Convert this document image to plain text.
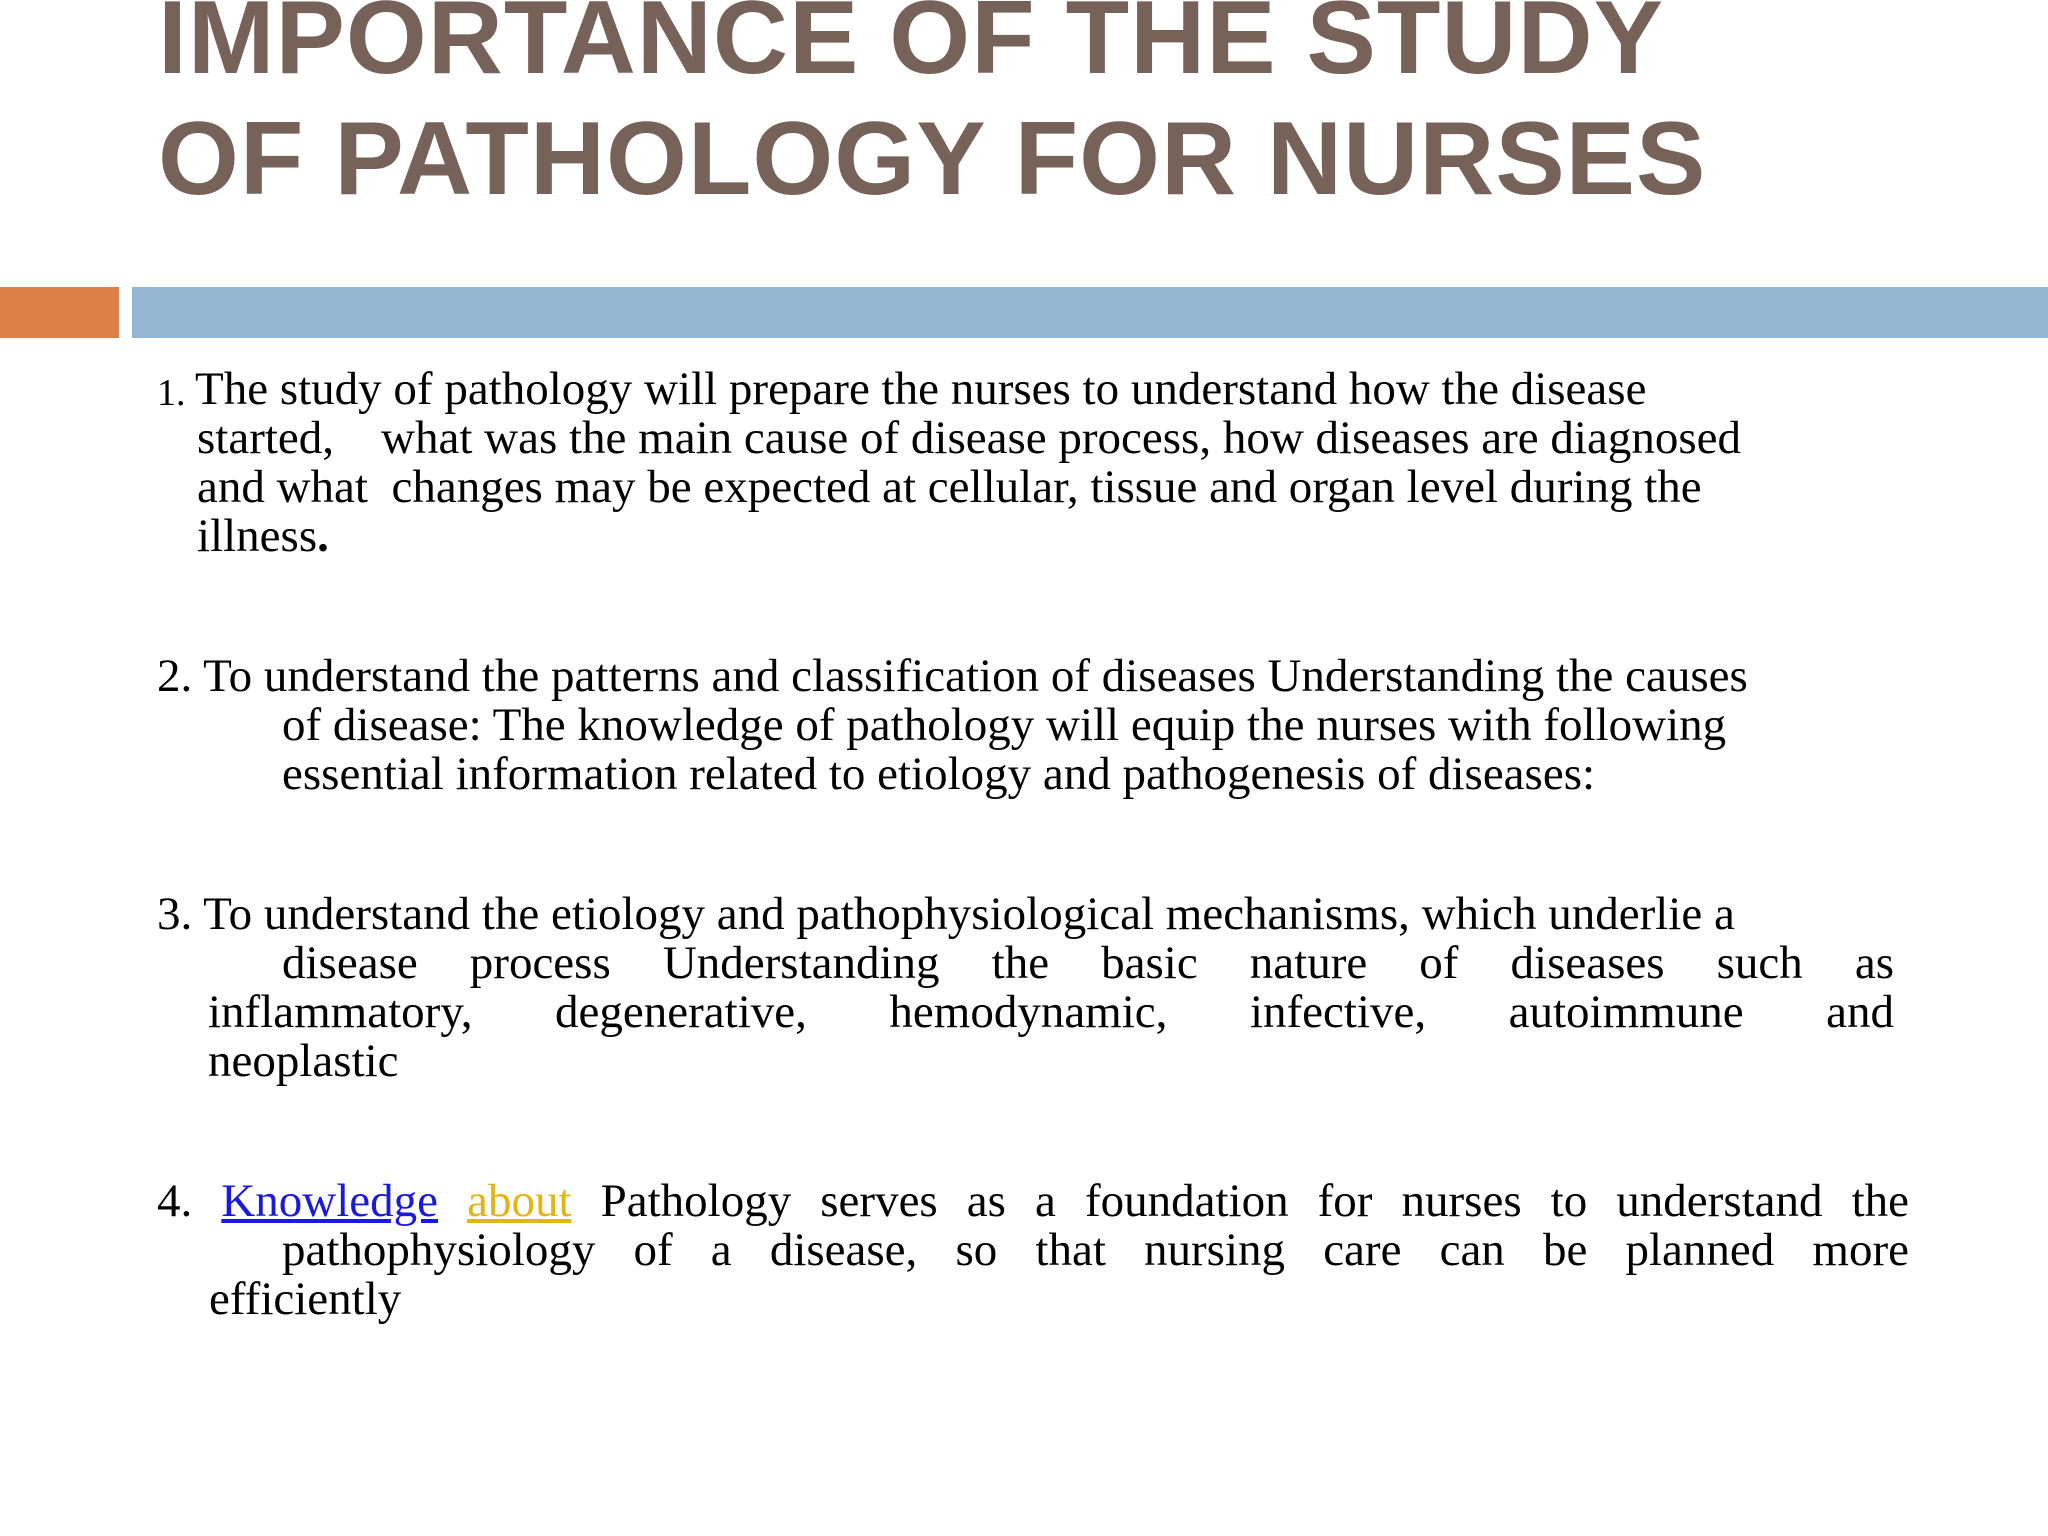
IMPORTANCE OF THE STUDY
OF PATHOLOGY FOR NURSES
1. The study of pathology will prepare the nurses to understand how the disease
started,    what was the main cause of disease process, how diseases are diagnosed
and what  changes may be expected at cellular, tissue and organ level during the
illness.
2. To understand the patterns and classification of diseases Understanding the causes
of disease: The knowledge of pathology will equip the nurses with following
essential information related to etiology and pathogenesis of diseases:
3. To understand the etiology and pathophysiological mechanisms, which underlie a
disease process Understanding the basic nature of diseases such as
inflammatory, degenerative, hemodynamic, infective, autoimmune and
neoplastic
4. Knowledge about Pathology serves as a foundation for nurses to understand the
pathophysiology of a disease, so that nursing care can be planned more
efficiently
